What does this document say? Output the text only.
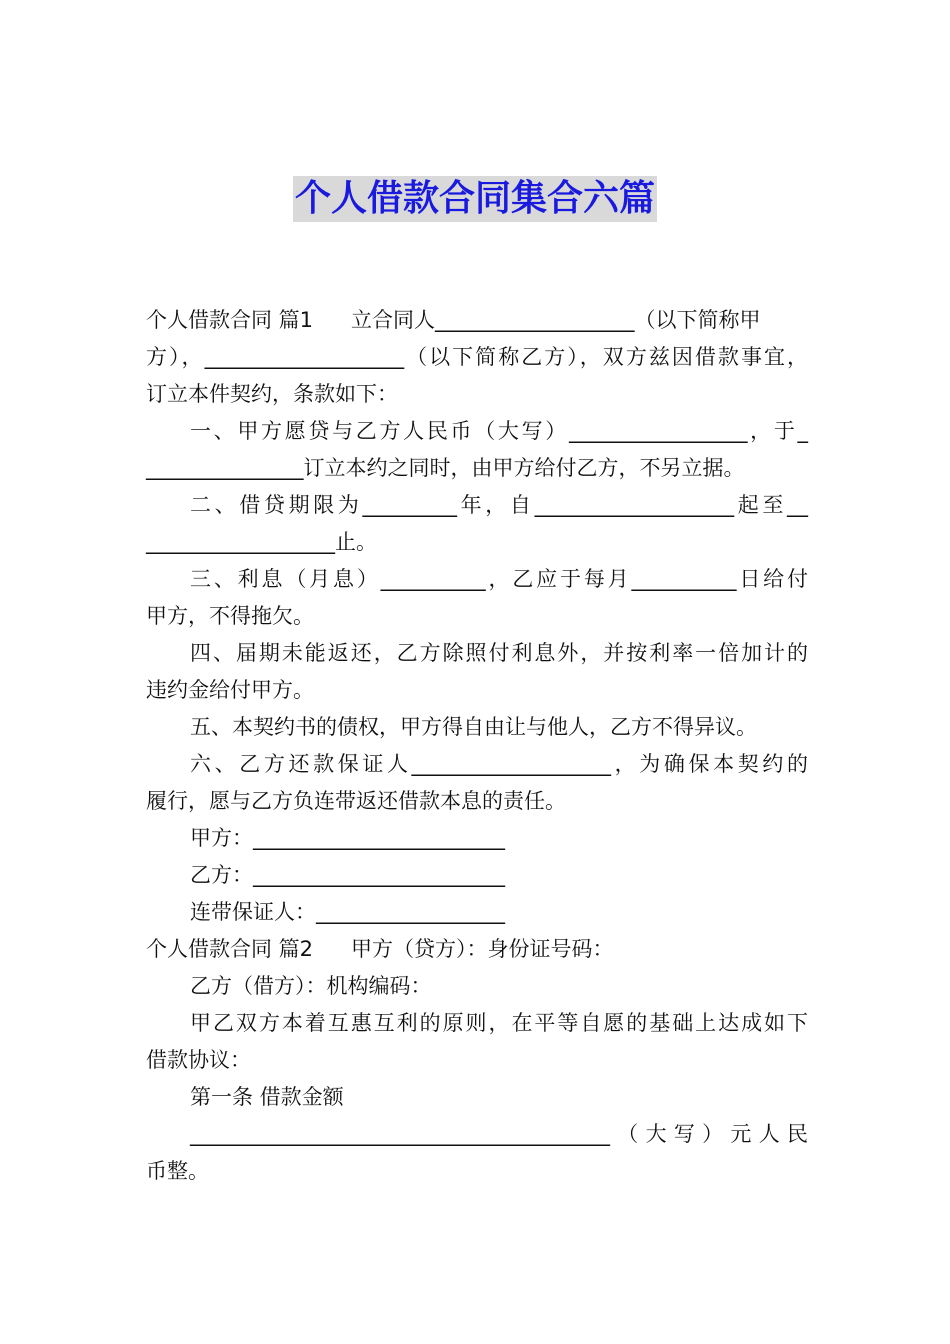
个人借款合同集合六篇
个人借款合同 篇1 立合同人___________________（以下简称甲
方），___________________（以下简称乙方），双方兹因借款事宜，
订立本件契约，条款如下：
一、甲方愿贷与乙方人民币（大写）_________________，于_
_______________订立本约之同时，由甲方给付乙方，不另立据。
二、借贷期限为_________年，自___________________起至__
__________________止。
三、利息（月息）__________，乙应于每月__________日给付
甲方，不得拖欠。
四、届期未能返还，乙方除照付利息外，并按利率一倍加计的
违约金给付甲方。
五、本契约书的债权，甲方得自由让与他人，乙方不得异议。
六、乙方还款保证人___________________，为确保本契约的
履行，愿与乙方负连带返还借款本息的责任。
甲方：________________________
乙方：________________________
连带保证人：__________________
个人借款合同 篇2 甲方（贷方）：身份证号码：
乙方（借方）：机构编码：
甲乙双方本着互惠互利的原则，在平等自愿的基础上达成如下
借款协议：
第一条 借款金额
________________________________________（大写）元人民
币整。
